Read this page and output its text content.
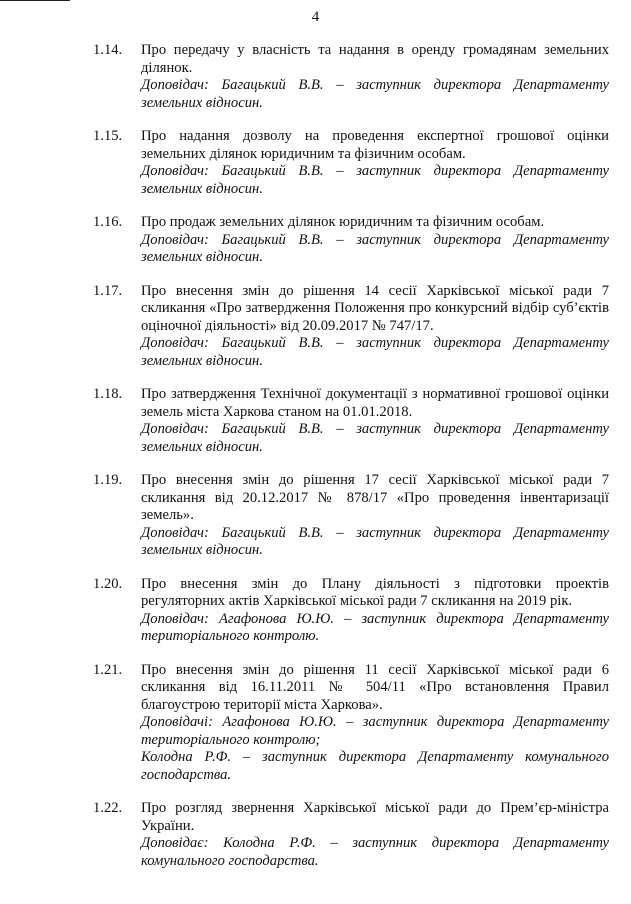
4
1.14. Про передачу у власність та надання в оренду громадянам земельних ділянок.
Доповідач: Багацький В.В. – заступник директора Департаменту земельних відносин.
1.15. Про надання дозволу на проведення експертної грошової оцінки земельних ділянок юридичним та фізичним особам.
Доповідач: Багацький В.В. – заступник директора Департаменту земельних відносин.
1.16. Про продаж земельних ділянок юридичним та фізичним особам.
Доповідач: Багацький В.В. – заступник директора Департаменту земельних відносин.
1.17. Про внесення змін до рішення 14 сесії Харківської міської ради 7 скликання «Про затвердження Положення про конкурсний відбір суб’єктів оціночної діяльності» від 20.09.2017 № 747/17.
Доповідач: Багацький В.В. – заступник директора Департаменту земельних відносин.
1.18. Про затвердження Технічної документації з нормативної грошової оцінки земель міста Харкова станом на 01.01.2018.
Доповідач: Багацький В.В. – заступник директора Департаменту земельних відносин.
1.19. Про внесення змін до рішення 17 сесії Харківської міської ради 7 скликання від 20.12.2017 № 878/17 «Про проведення інвентаризації земель».
Доповідач: Багацький В.В. – заступник директора Департаменту земельних відносин.
1.20. Про внесення змін до Плану діяльності з підготовки проектів регуляторних актів Харківської міської ради 7 скликання на 2019 рік.
Доповідач: Агафонова Ю.Ю. – заступник директора Департаменту територіального контролю.
1.21. Про внесення змін до рішення 11 сесії Харківської міської ради 6 скликання від 16.11.2011 № 504/11 «Про встановлення Правил благоустрою території міста Харкова».
Доповідачі: Агафонова Ю.Ю. – заступник директора Департаменту територіального контролю;
Колодна Р.Ф. – заступник директора Департаменту комунального господарства.
1.22. Про розгляд звернення Харківської міської ради до Прем’єр-міністра України.
Доповідає: Колодна Р.Ф. – заступник директора Департаменту комунального господарства.
